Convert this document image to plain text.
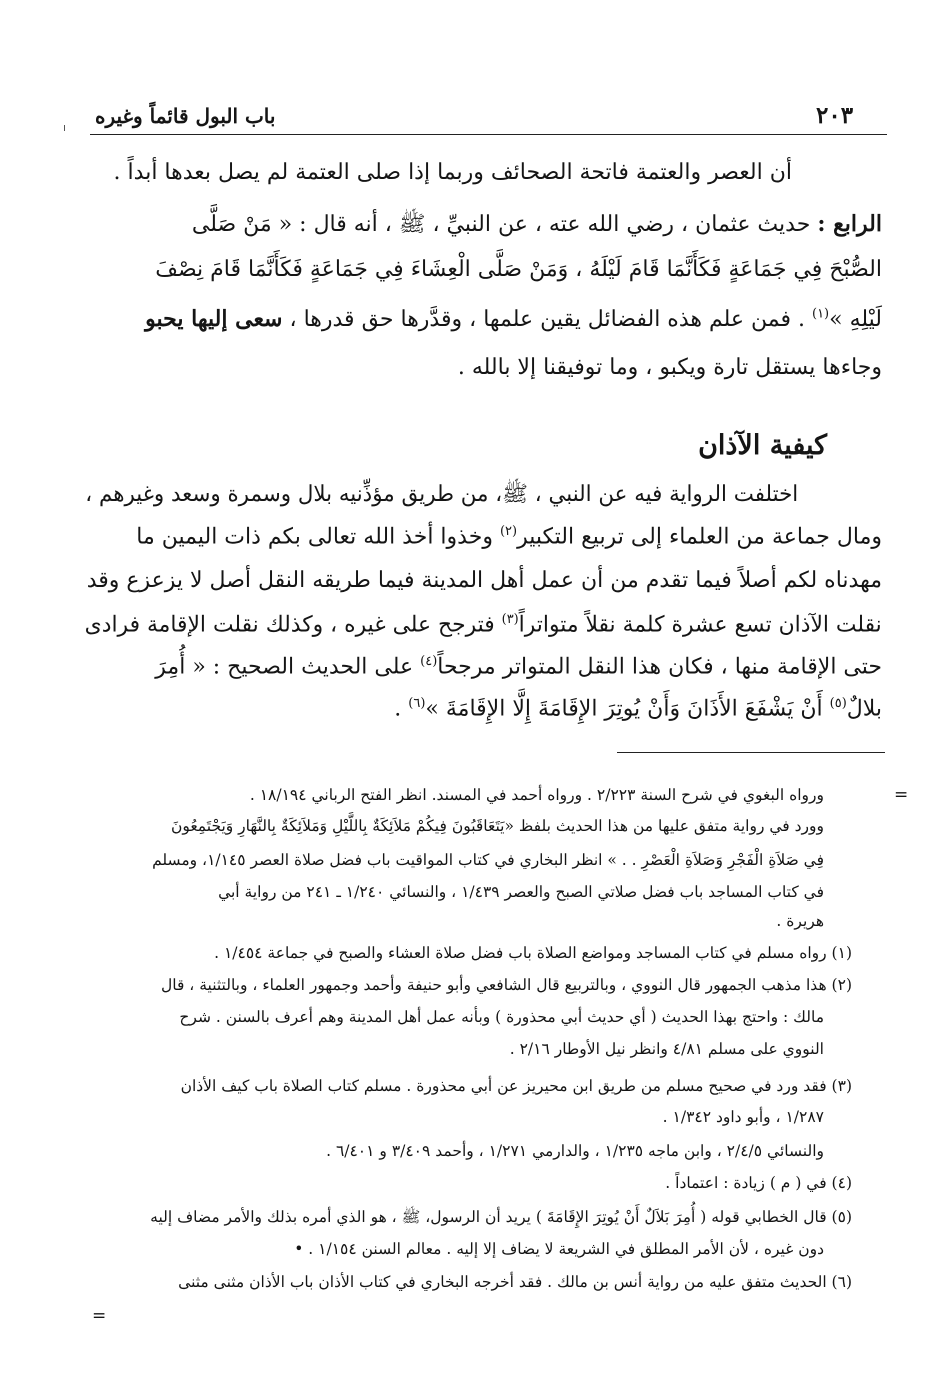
باب البول قائماً وغيره	٢٠٣
أن العصر والعتمة فاتحة الصحائف وربما إذا صلى العتمة لم يصل بعدها أبداً .
الرابع : حديث عثمان ، رضي الله عته ، عن النبيِّ ، ﷺ ، أنه قال : « مَنْ صَلَّى
الصُّبْحَ فِي جَمَاعَةٍ فَكَأَنَّمَا قَامَ لَيْلَهُ ، وَمَنْ صَلَّى الْعِشَاءَ فِي جَمَاعَةٍ فَكَأَنَّمَا قَامَ نِصْفَ
لَيْلِهِ »$^{(١)}$ . فمن علم هذه الفضائل يقين علمها ، وقدَّرها حق قدرها ، سعى إليها يحبو
وجاءها يستقل تارة ويكبو ، وما توفيقنا إلا بالله .
كيفية الآذان
اختلفت الرواية فيه عن النبي ، ﷺ، من طريق مؤذِّنيه بلال وسمرة وسعد وغيرهم ،
ومال جماعة من العلماء إلى تربيع التكبير$^{(٢)}$ وخذوا أخذ الله تعالى بكم ذات اليمين ما
مهدناه لكم أصلاً فيما تقدم من أن عمل أهل المدينة فيما طريقه النقل أصل لا يزعزع وقد
نقلت الآذان تسع عشرة كلمة نقلاً متواتراً$^{(٣)}$ فترجح على غيره ، وكذلك نقلت الإقامة فرادى
حتى الإقامة منها ، فكان هذا النقل المتواتر مرجحاً$^{(٤)}$ على الحديث الصحيح : « أُمِرَ
بلالٌ$^{(٥)}$ أَنْ يَشْفَعَ الأَذَانَ وَأَنْ يُوتِرَ الإِقَامَةَ إِلَّا الإِقَامَةَ »$^{(٦)}$ .
=
ورواه البغوي في شرح السنة ٢/٢٢٣ . ورواه أحمد في المسند. انظر الفتح الرباني ١٨/١٩٤ .
وورد في رواية متفق عليها من هذا الحديث بلفظ «يَتَعَاقَبُونَ فِيكُمْ مَلاَئِكَةٌ بِاللَّيْلِ وَمَلاَئِكَةٌ بِالنَّهَارِ وَيَجْتَمِعُونَ
فِي صَلاَةِ الْفَجْرِ وَصَلاَةِ الْعَصْرِ . . » انظر البخاري في كتاب المواقيت باب فضل صلاة العصر ١/١٤٥، ومسلم
في كتاب المساجد باب فضل صلاتي الصبح والعصر ١/٤٣٩ ، والنسائي ١/٢٤٠ ـ ٢٤١ من رواية أبي
هريرة .
(١) رواه مسلم في كتاب المساجد ومواضع الصلاة باب فضل صلاة العشاء والصبح في جماعة ١/٤٥٤ .
(٢) هذا مذهب الجمهور قال النووي ، وبالتربيع قال الشافعي وأبو حنيفة وأحمد وجمهور العلماء ، وبالتثنية ، قال
مالك : واحتج بهذا الحديث ( أي حديث أبي محذورة ) وبأنه عمل أهل المدينة وهم أعرف بالسنن . شرح
النووي على مسلم ٤/٨١ وانظر نيل الأوطار ٢/١٦ .
(٣) فقد ورد في صحيح مسلم من طريق ابن محيريز عن أبي محذورة . مسلم كتاب الصلاة باب كيف الأذان
١/٢٨٧ ، وأبو داود ١/٣٤٢ .
والنسائي ٢/٤/٥ ، وابن ماجه ١/٢٣٥ ، والدارمي ١/٢٧١ ، وأحمد ٣/٤٠٩ و ٦/٤٠١ .
(٤) في ( م ) زيادة : اعتماداً .
(٥) قال الخطابي قوله ( أُمِرَ بَلاَلٌ أَنْ يُوتِرَ الإِقَامَةَ ) يريد أن الرسول، ﷺ ، هو الذي أمره بذلك والأمر مضاف إليه
دون غيره ، لأن الأمر المطلق في الشريعة لا يضاف إلا إليه . معالم السنن ١/١٥٤ . •
(٦) الحديث متفق عليه من رواية أنس بن مالك . فقد أخرجه البخاري في كتاب الأذان باب الأذان مثنى مثنى
=
